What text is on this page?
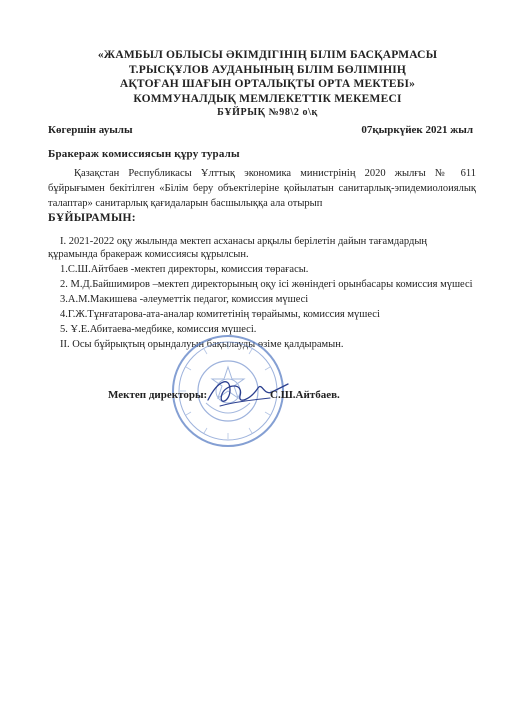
«ЖАМБЫЛ ОБЛЫСЫ ӘКІМДІГІНІҢ БІЛІМ БАСҚАРМАСЫ
Т.РЫСҚҰЛОВ АУДАНЫНЫҢ БІЛІМ БӨЛІМІНІҢ
АҚТОҒАН ШАҒЫН ОРТАЛЫҚТЫ ОРТА МЕКТЕБІ»
КОММУНАЛДЫҚ МЕМЛЕКЕТТІК МЕКЕМЕСІ
БҰЙРЫҚ №98\2 о\қ
Көгершін ауылы	07қыркүйек 2021 жыл
Бракераж комиссиясын құру туралы
Қазақстан Республикасы Ұлттық экономика министрінің 2020 жылғы № 611 бұйрығымен бекітілген «Білім беру объектілеріне қойылатын санитарлық-эпидемиолоиялық талаптар» санитарлық қағидаларын басшылыққа ала отырып
БҰЙЫРАМЫН:
І. 2021-2022 оқу жылында мектеп асханасы арқылы берілетін дайын тағамдардың құрамында бракераж комиссиясы құрылсын.
1.С.Ш.Айтбаев -мектеп директоры, комиссия төрағасы.
2. М.Д.Байшимиров –мектеп директорының оқу ісі жөніндегі орынбасары комиссия мүшесі
3.А.М.Макишева -әлеуметтік педагог, комиссия мүшесі
4.Г.Ж.Тұнғатарова-ата-аналар комитетінің төрайымы, комиссия мүшесі
5. Ұ.Е.Абитаева-медбике, комиссия мүшесі.
ІІ. Осы бұйрықтың орындалуын бақылауды өзіме қалдырамын.
Мектеп директоры:	С.Ш.Айтбаев.
